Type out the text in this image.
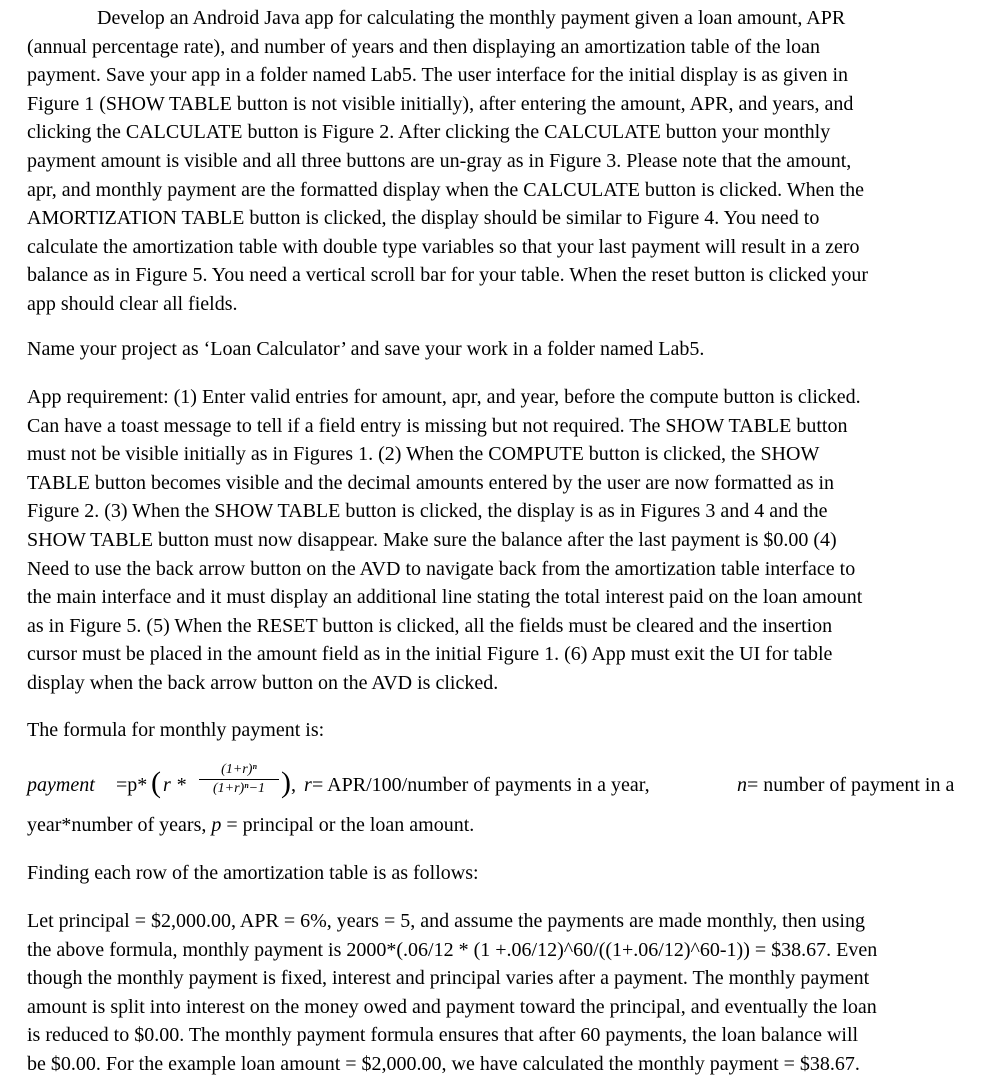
Develop an Android Java app for calculating the monthly payment given a loan amount, APR
(annual percentage rate), and number of years and then displaying an amortization table of the loan
payment. Save your app in a folder named Lab5. The user interface for the initial display is as given in
Figure 1 (SHOW TABLE button is not visible initially), after entering the amount, APR, and years, and
clicking the CALCULATE button is Figure 2. After clicking the CALCULATE button your monthly
payment amount is visible and all three buttons are un-gray as in Figure 3. Please note that the amount,
apr, and monthly payment are the formatted display when the CALCULATE button is clicked. When the
AMORTIZATION TABLE button is clicked, the display should be similar to Figure 4. You need to
calculate the amortization table with double type variables so that your last payment will result in a zero
balance as in Figure 5. You need a vertical scroll bar for your table. When the reset button is clicked your
app should clear all fields.
Name your project as ‘Loan Calculator’ and save your work in a folder named Lab5.
App requirement: (1) Enter valid entries for amount, apr, and year, before the compute button is clicked.
Can have a toast message to tell if a field entry is missing but not required. The SHOW TABLE button
must not be visible initially as in Figures 1. (2) When the COMPUTE button is clicked, the SHOW
TABLE button becomes visible and the decimal amounts entered by the user are now formatted as in
Figure 2. (3) When the SHOW TABLE button is clicked, the display is as in Figures 3 and 4 and the
SHOW TABLE button must now disappear. Make sure the balance after the last payment is $0.00 (4)
Need to use the back arrow button on the AVD to navigate back from the amortization table interface to
the main interface and it must display an additional line stating the total interest paid on the loan amount
as in Figure 5. (5) When the RESET button is clicked, all the fields must be cleared and the insertion
cursor must be placed in the amount field as in the initial Figure 1. (6) App must exit the UI for table
display when the back arrow button on the AVD is clicked.
The formula for monthly payment is:
payment =p* ( r *
(1+r)ⁿ
(1+r)ⁿ−1 ) , r = APR/100/number of payments in a year,	n = number of payment in a
year*number of years, p = principal or the loan amount.
Finding each row of the amortization table is as follows:
Let principal = $2,000.00, APR = 6%, years = 5, and assume the payments are made monthly, then using
the above formula, monthly payment is 2000*(.06/12 * (1 +.06/12)^60/((1+.06/12)^60-1)) = $38.67. Even
though the monthly payment is fixed, interest and principal varies after a payment. The monthly payment
amount is split into interest on the money owed and payment toward the principal, and eventually the loan
is reduced to $0.00. The monthly payment formula ensures that after 60 payments, the loan balance will
be $0.00. For the example loan amount = $2,000.00, we have calculated the monthly payment = $38.67.
